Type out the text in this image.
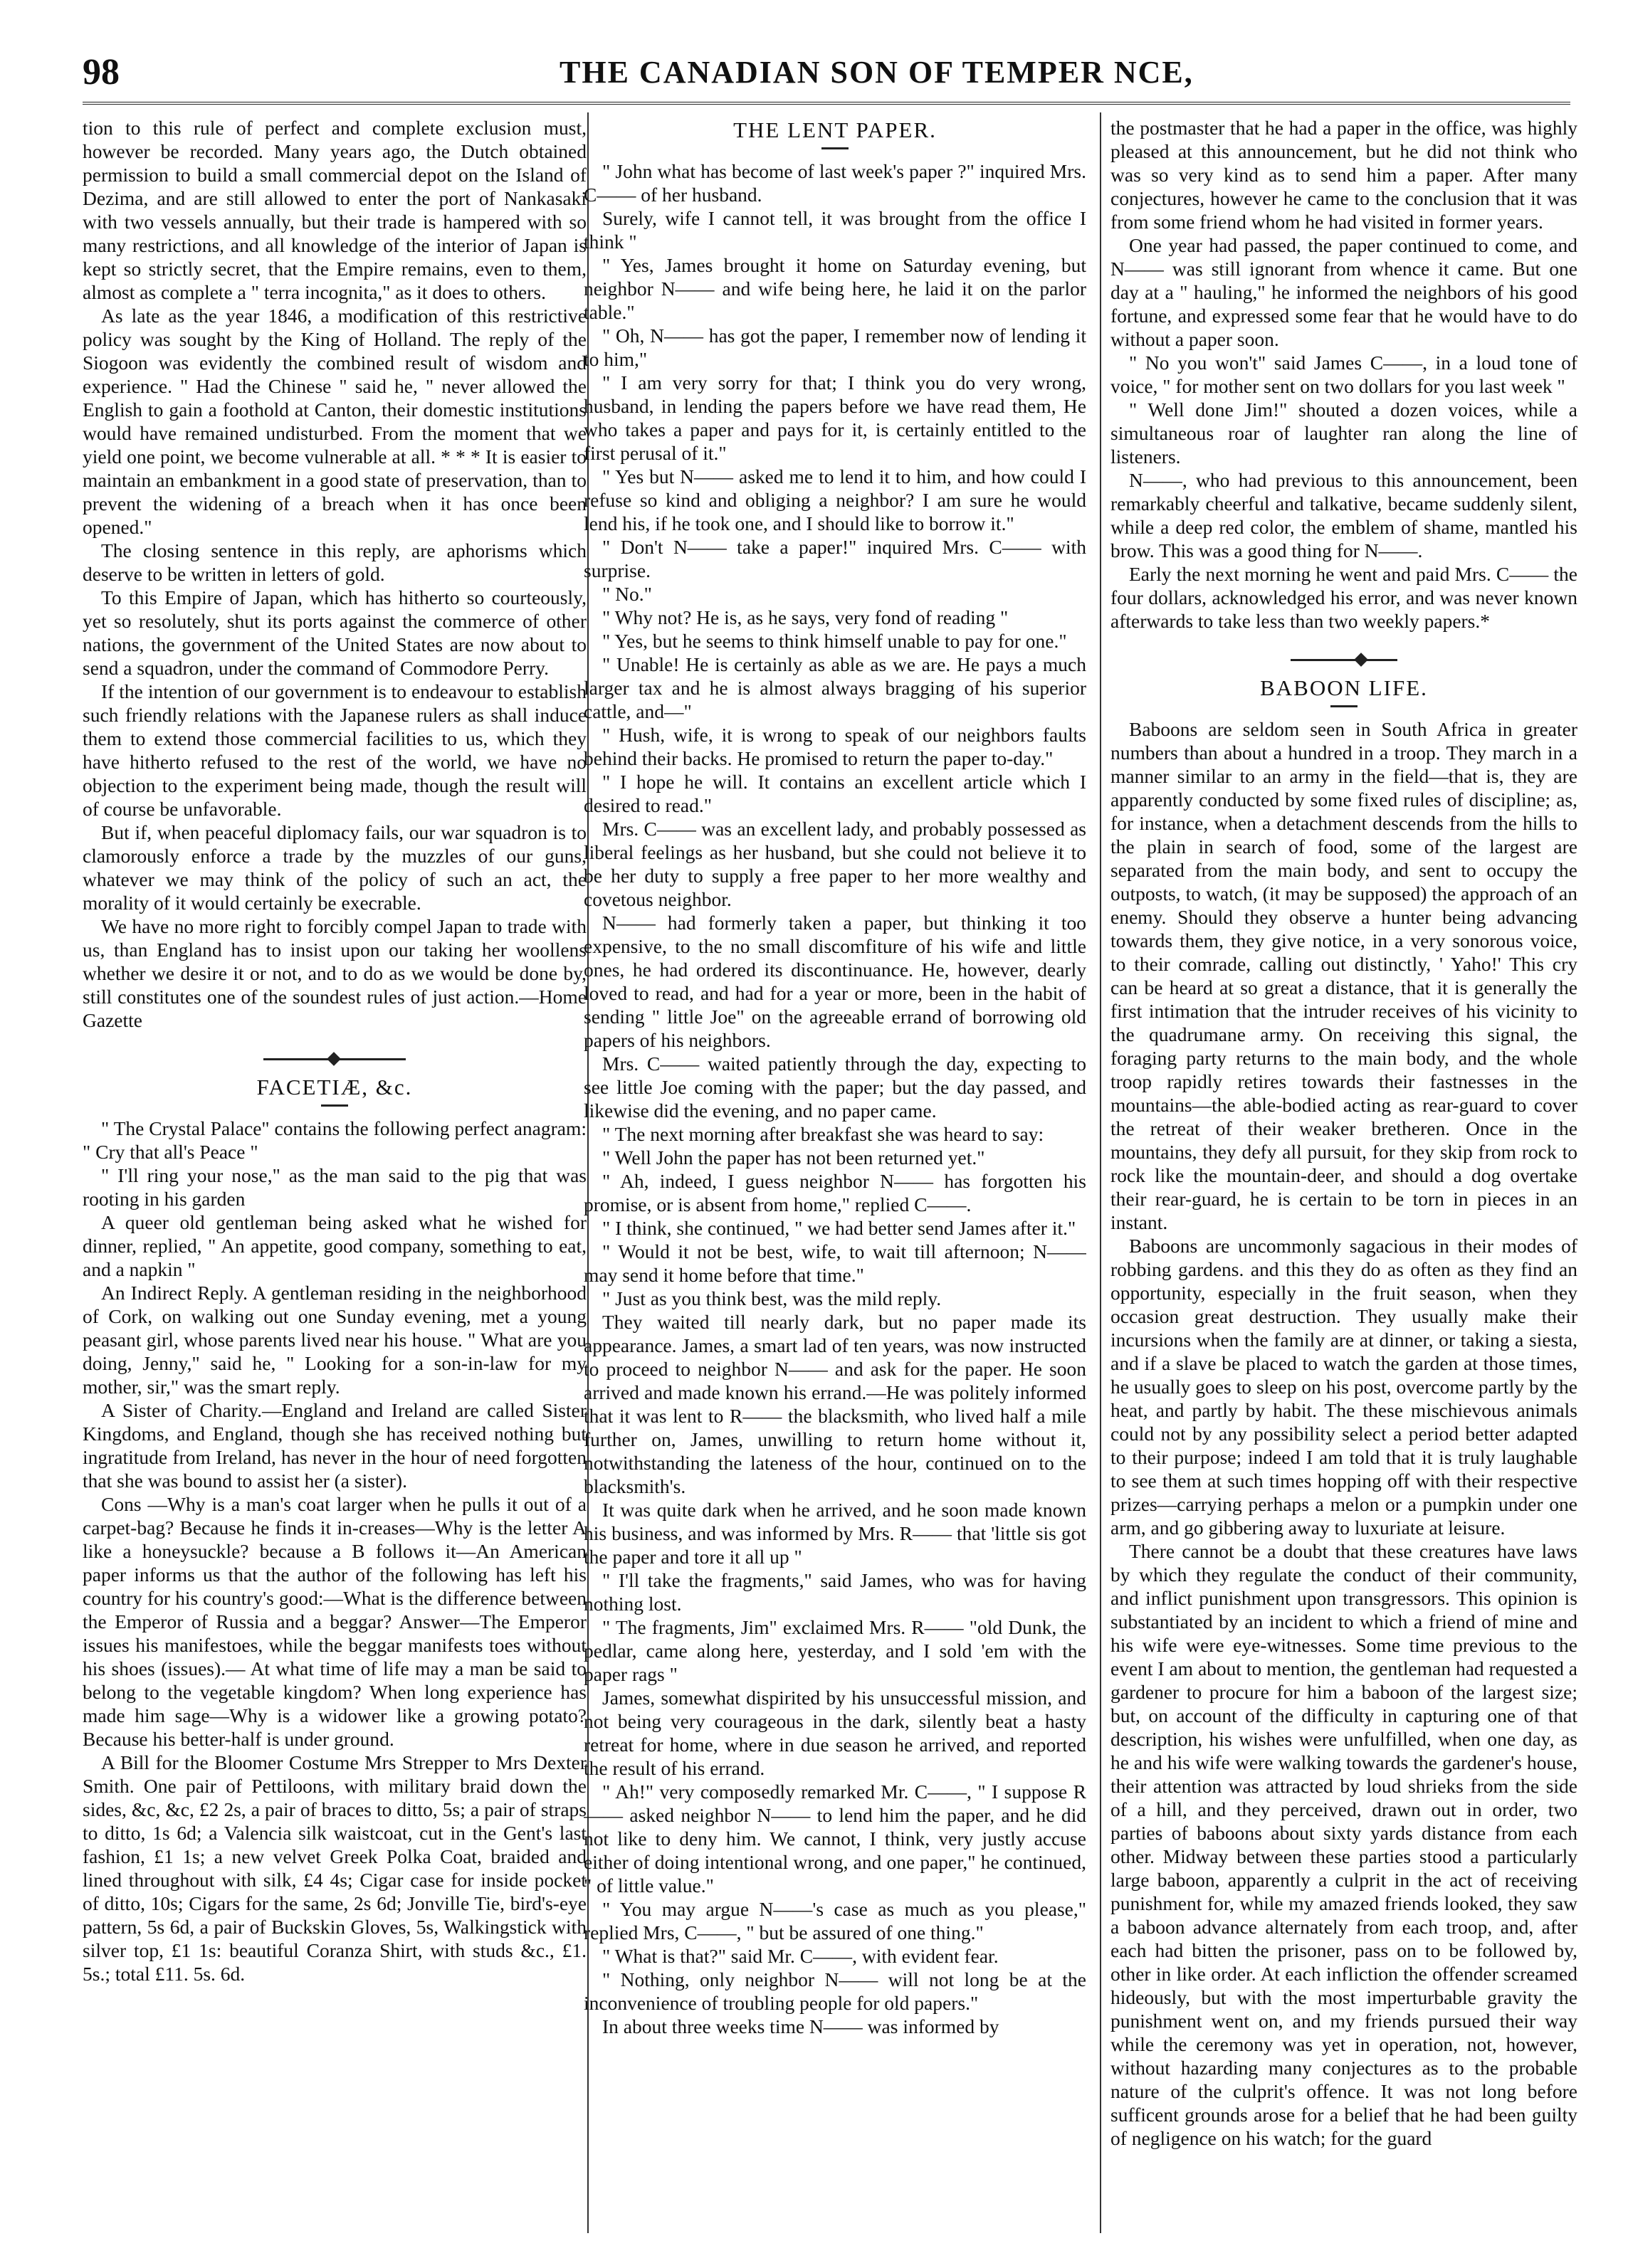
98	THE CANADIAN SON OF TEMPER NCE,

tion to this rule of perfect and complete exclusion must, however be recorded. Many years ago, the Dutch obtained permission to build a small commercial depot on the Island of Dezima, and are still allowed to enter the port of Nankasaki with two vessels annually, but their trade is hampered with so many restrictions, and all knowledge of the interior of Japan is kept so strictly secret, that the Empire remains, even to them, almost as complete a " terra incognita," as it does to others.

As late as the year 1846, a modification of this restrictive policy was sought by the King of Holland. The reply of the Siogoon was evidently the combined result of wisdom and experience. " Had the Chinese " said he, " never allowed the English to gain a foothold at Canton, their domestic institutions would have remained undisturbed. From the moment that we yield one point, we become vulnerable at all. * * * It is easier to maintain an embankment in a good state of preservation, than to prevent the widening of a breach when it has once been opened."

The closing sentence in this reply, are aphorisms which deserve to be written in letters of gold.

To this Empire of Japan, which has hitherto so courteously, yet so resolutely, shut its ports against the commerce of other nations, the government of the United States are now about to send a squadron, under the command of Commodore Perry.

If the intention of our government is to endeavour to establish such friendly relations with the Japanese rulers as shall induce them to extend those commercial facilities to us, which they have hitherto refused to the rest of the world, we have no objection to the experiment being made, though the result will of course be unfavorable.

But if, when peaceful diplomacy fails, our war squadron is to clamorously enforce a trade by the muzzles of our guns, whatever we may think of the policy of such an act, the morality of it would certainly be execrable.

We have no more right to forcibly compel Japan to trade with us, than England has to insist upon our taking her woollens whether we desire it or not, and to do as we would be done by, still constitutes one of the soundest rules of just action.—Home Gazette

FACETIÆ, &c.

" The Crystal Palace" contains the following perfect anagram: " Cry that all's Peace "

" I'll ring your nose," as the man said to the pig that was rooting in his garden

A queer old gentleman being asked what he wished for dinner, replied, " An appetite, good company, something to eat, and a napkin "

An Indirect Reply. A gentleman residing in the neighborhood of Cork, on walking out one Sunday evening, met a young peasant girl, whose parents lived near his house. " What are you doing, Jenny," said he, " Looking for a son-in-law for my mother, sir," was the smart reply.

A Sister of Charity.—England and Ireland are called Sister Kingdoms, and England, though she has received nothing but ingratitude from Ireland, has never in the hour of need forgotten that she was bound to assist her (a sister).

Cons —Why is a man's coat larger when he pulls it out of a carpet-bag? Because he finds it in-creases—Why is the letter A like a honeysuckle? because a B follows it—An American paper informs us that the author of the following has left his country for his country's good:—What is the difference between the Emperor of Russia and a beggar? Answer—The Emperor issues his manifestoes, while the beggar manifests toes without his shoes (issues).— At what time of life may a man be said to belong to the vegetable kingdom? When long experience has made him sage—Why is a widower like a growing potato? Because his better-half is under ground.

A Bill for the Bloomer Costume Mrs Strepper to Mrs Dexter Smith. One pair of Pettiloons, with military braid down the sides, &c, &c, £2 2s, a pair of braces to ditto, 5s; a pair of straps to ditto, 1s 6d; a Valencia silk waistcoat, cut in the Gent's last fashion, £1 1s; a new velvet Greek Polka Coat, braided and lined throughout with silk, £4 4s; Cigar case for inside pocket of ditto, 10s; Cigars for the same, 2s 6d; Jonville Tie, bird's-eye pattern, 5s 6d, a pair of Buckskin Gloves, 5s, Walkingstick with silver top, £1 1s: beautiful Coranza Shirt, with studs &c., £1. 5s.; total £11. 5s. 6d.

THE LENT PAPER.

" John what has become of last week's paper ?" inquired Mrs. C—— of her husband.

Surely, wife I cannot tell, it was brought from the office I think "

" Yes, James brought it home on Saturday evening, but neighbor N—— and wife being here, he laid it on the parlor table."

" Oh, N—— has got the paper, I remember now of lending it to him,"

" I am very sorry for that; I think you do very wrong, husband, in lending the papers before we have read them, He who takes a paper and pays for it, is certainly entitled to the first perusal of it."

" Yes but N—— asked me to lend it to him, and how could I refuse so kind and obliging a neighbor? I am sure he would lend his, if he took one, and I should like to borrow it."

" Don't N—— take a paper!" inquired Mrs. C—— with surprise.

" No."

" Why not? He is, as he says, very fond of reading "

" Yes, but he seems to think himself unable to pay for one."

" Unable! He is certainly as able as we are. He pays a much larger tax and he is almost always bragging of his superior cattle, and—"

" Hush, wife, it is wrong to speak of our neighbors faults behind their backs. He promised to return the paper to-day."

" I hope he will. It contains an excellent article which I desired to read."

Mrs. C—— was an excellent lady, and probably possessed as liberal feelings as her husband, but she could not believe it to be her duty to supply a free paper to her more wealthy and covetous neighbor.

N—— had formerly taken a paper, but thinking it too expensive, to the no small discomfiture of his wife and little ones, he had ordered its discontinuance. He, however, dearly loved to read, and had for a year or more, been in the habit of sending " little Joe" on the agreeable errand of borrowing old papers of his neighbors.

Mrs. C—— waited patiently through the day, expecting to see little Joe coming with the paper; but the day passed, and likewise did the evening, and no paper came.

" The next morning after breakfast she was heard to say:

" Well John the paper has not been returned yet."

" Ah, indeed, I guess neighbor N—— has forgotten his promise, or is absent from home," replied C——.

" I think, she continued, " we had better send James after it."

" Would it not be best, wife, to wait till afternoon; N—— may send it home before that time."

" Just as you think best, was the mild reply.

They waited till nearly dark, but no paper made its appearance. James, a smart lad of ten years, was now instructed to proceed to neighbor N—— and ask for the paper. He soon arrived and made known his errand.—He was politely informed that it was lent to R—— the blacksmith, who lived half a mile further on, James, unwilling to return home without it, notwithstanding the lateness of the hour, continued on to the blacksmith's.

It was quite dark when he arrived, and he soon made known his business, and was informed by Mrs. R—— that 'little sis got the paper and tore it all up "

" I'll take the fragments," said James, who was for having nothing lost.

" The fragments, Jim" exclaimed Mrs. R—— "old Dunk, the pedlar, came along here, yesterday, and I sold 'em with the paper rags "

James, somewhat dispirited by his unsuccessful mission, and not being very courageous in the dark, silently beat a hasty retreat for home, where in due season he arrived, and reported the result of his errand.

" Ah!" very composedly remarked Mr. C——, " I suppose R—— asked neighbor N—— to lend him the paper, and he did not like to deny him. We cannot, I think, very justly accuse either of doing intentional wrong, and one paper," he continued, " of little value."

" You may argue N——'s case as much as you please," replied Mrs, C——, " but be assured of one thing."

" What is that?" said Mr. C——, with evident fear.

" Nothing, only neighbor N—— will not long be at the inconvenience of troubling people for old papers."

In about three weeks time N—— was informed by

the postmaster that he had a paper in the office, was highly pleased at this announcement, but he did not think who was so very kind as to send him a paper. After many conjectures, however he came to the conclusion that it was from some friend whom he had visited in former years.

One year had passed, the paper continued to come, and N—— was still ignorant from whence it came. But one day at a " hauling," he informed the neighbors of his good fortune, and expressed some fear that he would have to do without a paper soon.

" No you won't" said James C——, in a loud tone of voice, " for mother sent on two dollars for you last week "

" Well done Jim!" shouted a dozen voices, while a simultaneous roar of laughter ran along the line of listeners.

N——, who had previous to this announcement, been remarkably cheerful and talkative, became suddenly silent, while a deep red color, the emblem of shame, mantled his brow. This was a good thing for N——.

Early the next morning he went and paid Mrs. C—— the four dollars, acknowledged his error, and was never known afterwards to take less than two weekly papers.*

BABOON LIFE.

Baboons are seldom seen in South Africa in greater numbers than about a hundred in a troop. They march in a manner similar to an army in the field—that is, they are apparently conducted by some fixed rules of discipline; as, for instance, when a detachment descends from the hills to the plain in search of food, some of the largest are separated from the main body, and sent to occupy the outposts, to watch, (it may be supposed) the approach of an enemy. Should they observe a hunter being advancing towards them, they give notice, in a very sonorous voice, to their comrade, calling out distinctly, ' Yaho!' This cry can be heard at so great a distance, that it is generally the first intimation that the intruder receives of his vicinity to the quadrumane army. On receiving this signal, the foraging party returns to the main body, and the whole troop rapidly retires towards their fastnesses in the mountains—the able-bodied acting as rear-guard to cover the retreat of their weaker bretheren. Once in the mountains, they defy all pursuit, for they skip from rock to rock like the mountain-deer, and should a dog overtake their rear-guard, he is certain to be torn in pieces in an instant.

Baboons are uncommonly sagacious in their modes of robbing gardens. and this they do as often as they find an opportunity, especially in the fruit season, when they occasion great destruction. They usually make their incursions when the family are at dinner, or taking a siesta, and if a slave be placed to watch the garden at those times, he usually goes to sleep on his post, overcome partly by the heat, and partly by habit. The these mischievous animals could not by any possibility select a period better adapted to their purpose; indeed I am told that it is truly laughable to see them at such times hopping off with their respective prizes—carrying perhaps a melon or a pumpkin under one arm, and go gibbering away to luxuriate at leisure.

There cannot be a doubt that these creatures have laws by which they regulate the conduct of their community, and inflict punishment upon transgressors. This opinion is substantiated by an incident to which a friend of mine and his wife were eye-witnesses. Some time previous to the event I am about to mention, the gentleman had requested a gardener to procure for him a baboon of the largest size; but, on account of the difficulty in capturing one of that description, his wishes were unfulfilled, when one day, as he and his wife were walking towards the gardener's house, their attention was attracted by loud shrieks from the side of a hill, and they perceived, drawn out in order, two parties of baboons about sixty yards distance from each other. Midway between these parties stood a particularly large baboon, apparently a culprit in the act of receiving punishment for, while my amazed friends looked, they saw a baboon advance alternately from each troop, and, after each had bitten the prisoner, pass on to be followed by, other in like order. At each infliction the offender screamed hideously, but with the most imperturbable gravity the punishment went on, and my friends pursued their way while the ceremony was yet in operation, not, however, without hazarding many conjectures as to the probable nature of the culprit's offence. It was not long before sufficent grounds arose for a belief that he had been guilty of negligence on his watch; for the guard
